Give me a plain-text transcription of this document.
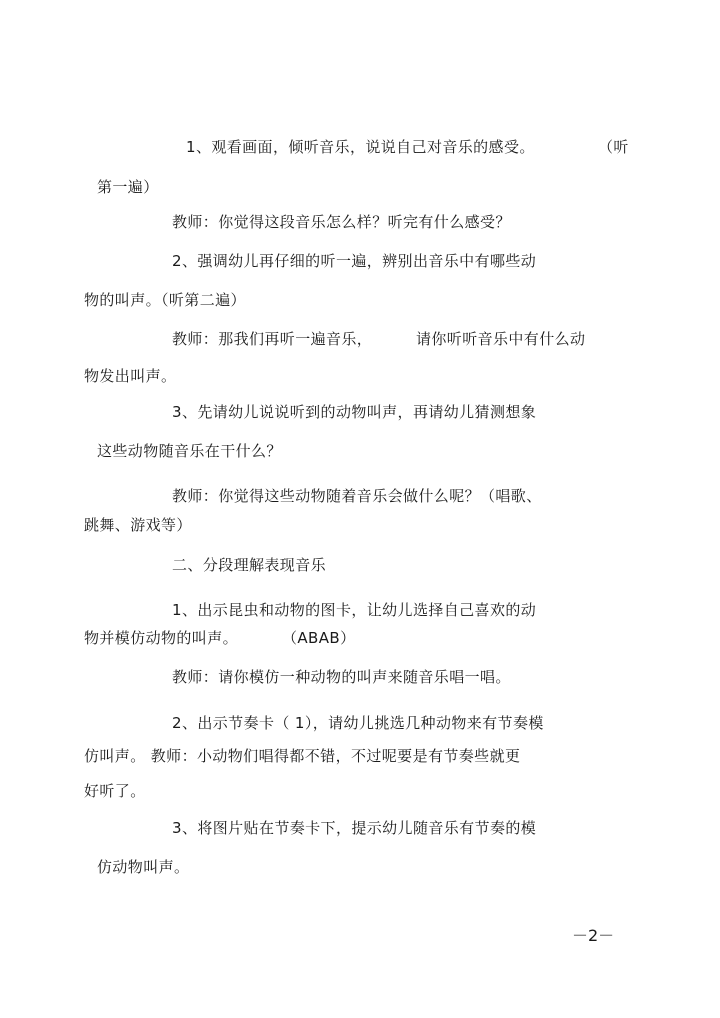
1、观看画面，倾听音乐，说说自己对音乐的感受。	（听
第一遍）
教师：你觉得这段音乐怎么样？听完有什么感受？
2、强调幼儿再仔细的听一遍，辨别出音乐中有哪些动
物的叫声。（听第二遍）
教师：那我们再听一遍音乐，	请你听听音乐中有什么动
物发出叫声。
3、先请幼儿说说听到的动物叫声，再请幼儿猜测想象
这些动物随音乐在干什么？
教师：你觉得这些动物随着音乐会做什么呢？（唱歌、
跳舞、游戏等）
二、分段理解表现音乐
1、出示昆虫和动物的图卡，让幼儿选择自己喜欢的动
物并模仿动物的叫声。	（ABAB）
教师：请你模仿一种动物的叫声来随音乐唱一唱。
2、出示节奏卡（ 1），请幼儿挑选几种动物来有节奏模
仿叫声。 教师：小动物们唱得都不错，不过呢要是有节奏些就更
好听了。
3、将图片贴在节奏卡下，提示幼儿随音乐有节奏的模
仿动物叫声。
－2－
